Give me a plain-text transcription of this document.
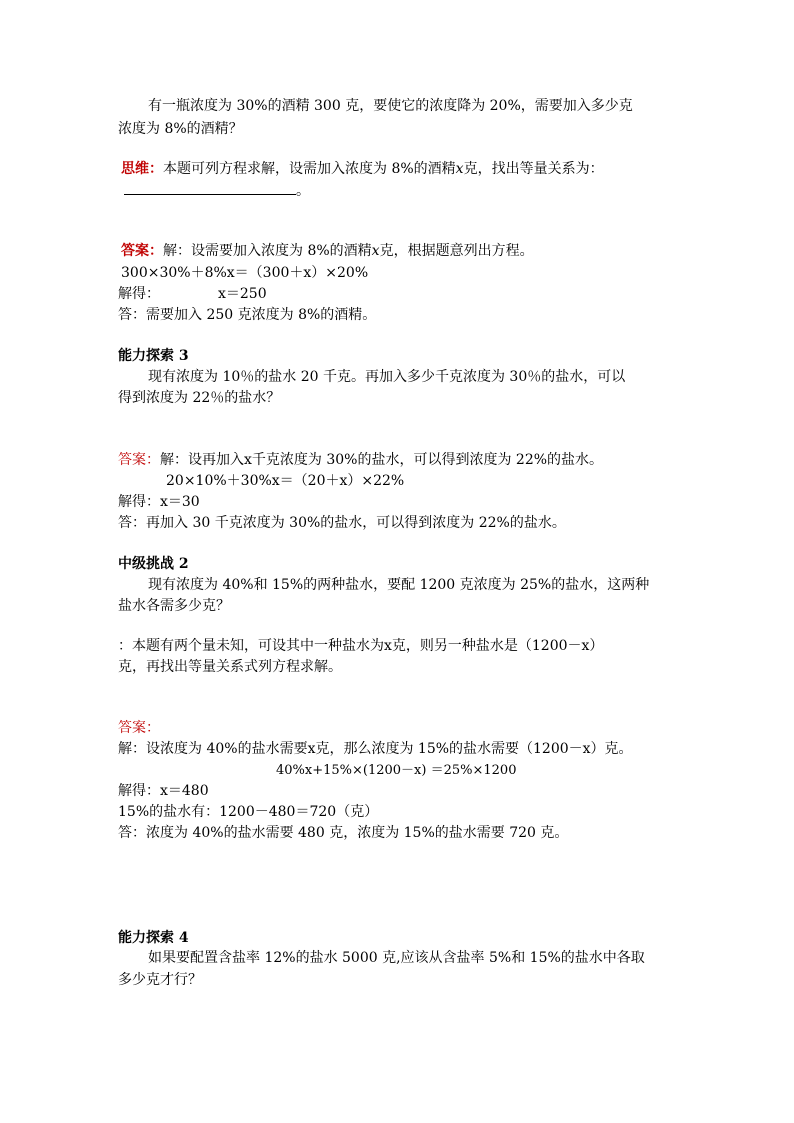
有一瓶浓度为 30%的酒精 300 克，要使它的浓度降为 20%，需要加入多少克
浓度为 8%的酒精？
思维：本题可列方程求解，设需加入浓度为 8%的酒精x克，找出等量关系为：
。
答案：解：设需要加入浓度为 8%的酒精x克，根据题意列出方程。
300×30%＋8%x＝（300＋x）×20%
解得：	x＝250
答：需要加入 250 克浓度为 8%的酒精。
能力探索 3
现有浓度为 10％的盐水 20 千克。再加入多少千克浓度为 30％的盐水，可以
得到浓度为 22％的盐水？
答案：解：设再加入x千克浓度为 30%的盐水，可以得到浓度为 22%的盐水。
20×10%＋30%x＝（20＋x）×22%
解得：x＝30
答：再加入 30 千克浓度为 30%的盐水，可以得到浓度为 22%的盐水。
中级挑战 2
现有浓度为 40%和 15%的两种盐水，要配 1200 克浓度为 25%的盐水，这两种
盐水各需多少克？
：本题有两个量未知，可设其中一种盐水为x克，则另一种盐水是（1200－x）
克，再找出等量关系式列方程求解。
答案：
解：设浓度为 40%的盐水需要x克，那么浓度为 15%的盐水需要（1200－x）克。
40%x+15%×(1200－x) ＝25%×1200
解得：x＝480
15%的盐水有：1200－480＝720（克）
答：浓度为 40%的盐水需要 480 克，浓度为 15%的盐水需要 720 克。
能力探索 4
如果要配置含盐率 12%的盐水 5000 克,应该从含盐率 5%和 15%的盐水中各取
多少克才行？
